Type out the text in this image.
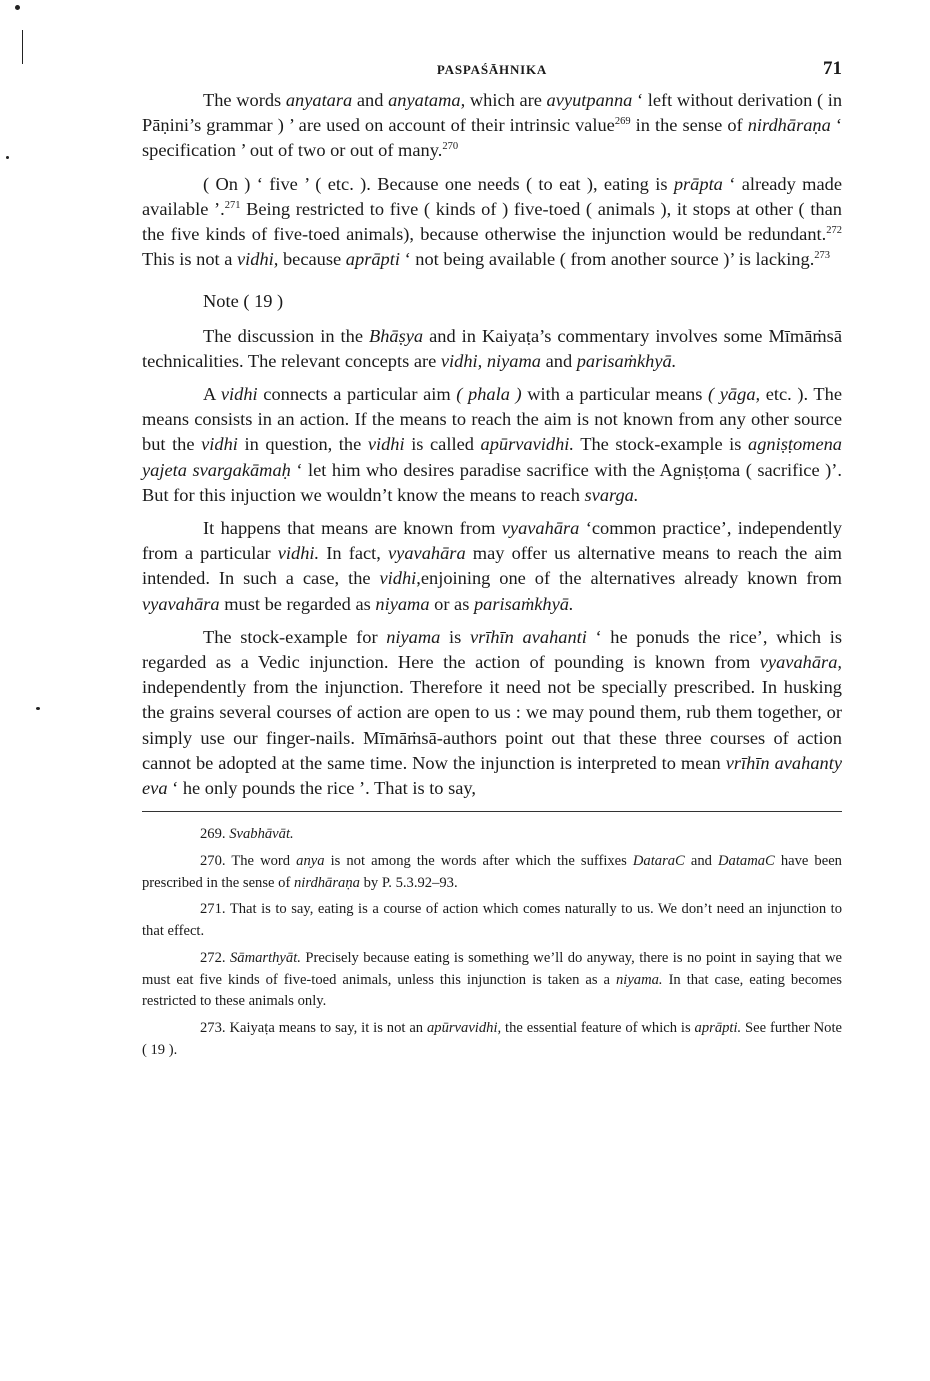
PASPAŚĀHNIKA	71

The words anyatara and anyatama, which are avyutpanna ‘ left without derivation ( in Pāṇini’s grammar ) ’ are used on account of their intrinsic value$^{269}$ in the sense of nirdhāraṇa ‘ specification ’ out of two or out of many.$^{270}$

( On ) ‘ five ’ ( etc. ). Because one needs ( to eat ), eating is prāpta ‘ already made available ’.$^{271}$ Being restricted to five ( kinds of ) five-toed ( animals ), it stops at other ( than the five kinds of five-toed animals), because otherwise the injunction would be redundant.$^{272}$ This is not a vidhi, because aprāpti ‘ not being available ( from another source )’ is lacking.$^{273}$

Note ( 19 )

The discussion in the Bhāṣya and in Kaiyaṭa’s commentary involves some Mīmāṁsā technicalities. The relevant concepts are vidhi, niyama and parisaṁkhyā.

A vidhi connects a particular aim ( phala ) with a particular means ( yāga, etc. ). The means consists in an action. If the means to reach the aim is not known from any other source but the vidhi in question, the vidhi is called apūrvavidhi. The stock-example is agniṣṭomena yajeta svargakāmaḥ ‘ let him who desires paradise sacrifice with the Agniṣṭoma ( sacrifice )’. But for this injuction we wouldn’t know the means to reach svarga.

It happens that means are known from vyavahāra ‘common practice’, independently from a particular vidhi. In fact, vyavahāra may offer us alternative means to reach the aim intended. In such a case, the vidhi,enjoining one of the alternatives already known from vyavahāra must be regarded as niyama or as parisaṁkhyā.

The stock-example for niyama is vrīhīn avahanti ‘ he ponuds the rice’, which is regarded as a Vedic injunction. Here the action of pounding is known from vyavahāra, independently from the injunction. Therefore it need not be specially prescribed. In husking the grains several courses of action are open to us : we may pound them, rub them together, or simply use our finger-nails. Mīmāṁsā-authors point out that these three courses of action cannot be adopted at the same time. Now the injunction is interpreted to mean vrīhīn avahanty eva ‘ he only pounds the rice ’. That is to say,

269. Svabhāvāt.

270. The word anya is not among the words after which the suffixes DataraC and DatamaC have been prescribed in the sense of nirdhāraṇa by P. 5.3.92–93.

271. That is to say, eating is a course of action which comes naturally to us. We don’t need an injunction to that effect.

272. Sāmarthyāt. Precisely because eating is something we’ll do anyway, there is no point in saying that we must eat five kinds of five-toed animals, unless this injunction is taken as a niyama. In that case, eating becomes restricted to these animals only.

273. Kaiyaṭa means to say, it is not an apūrvavidhi, the essential feature of which is aprāpti. See further Note ( 19 ).
